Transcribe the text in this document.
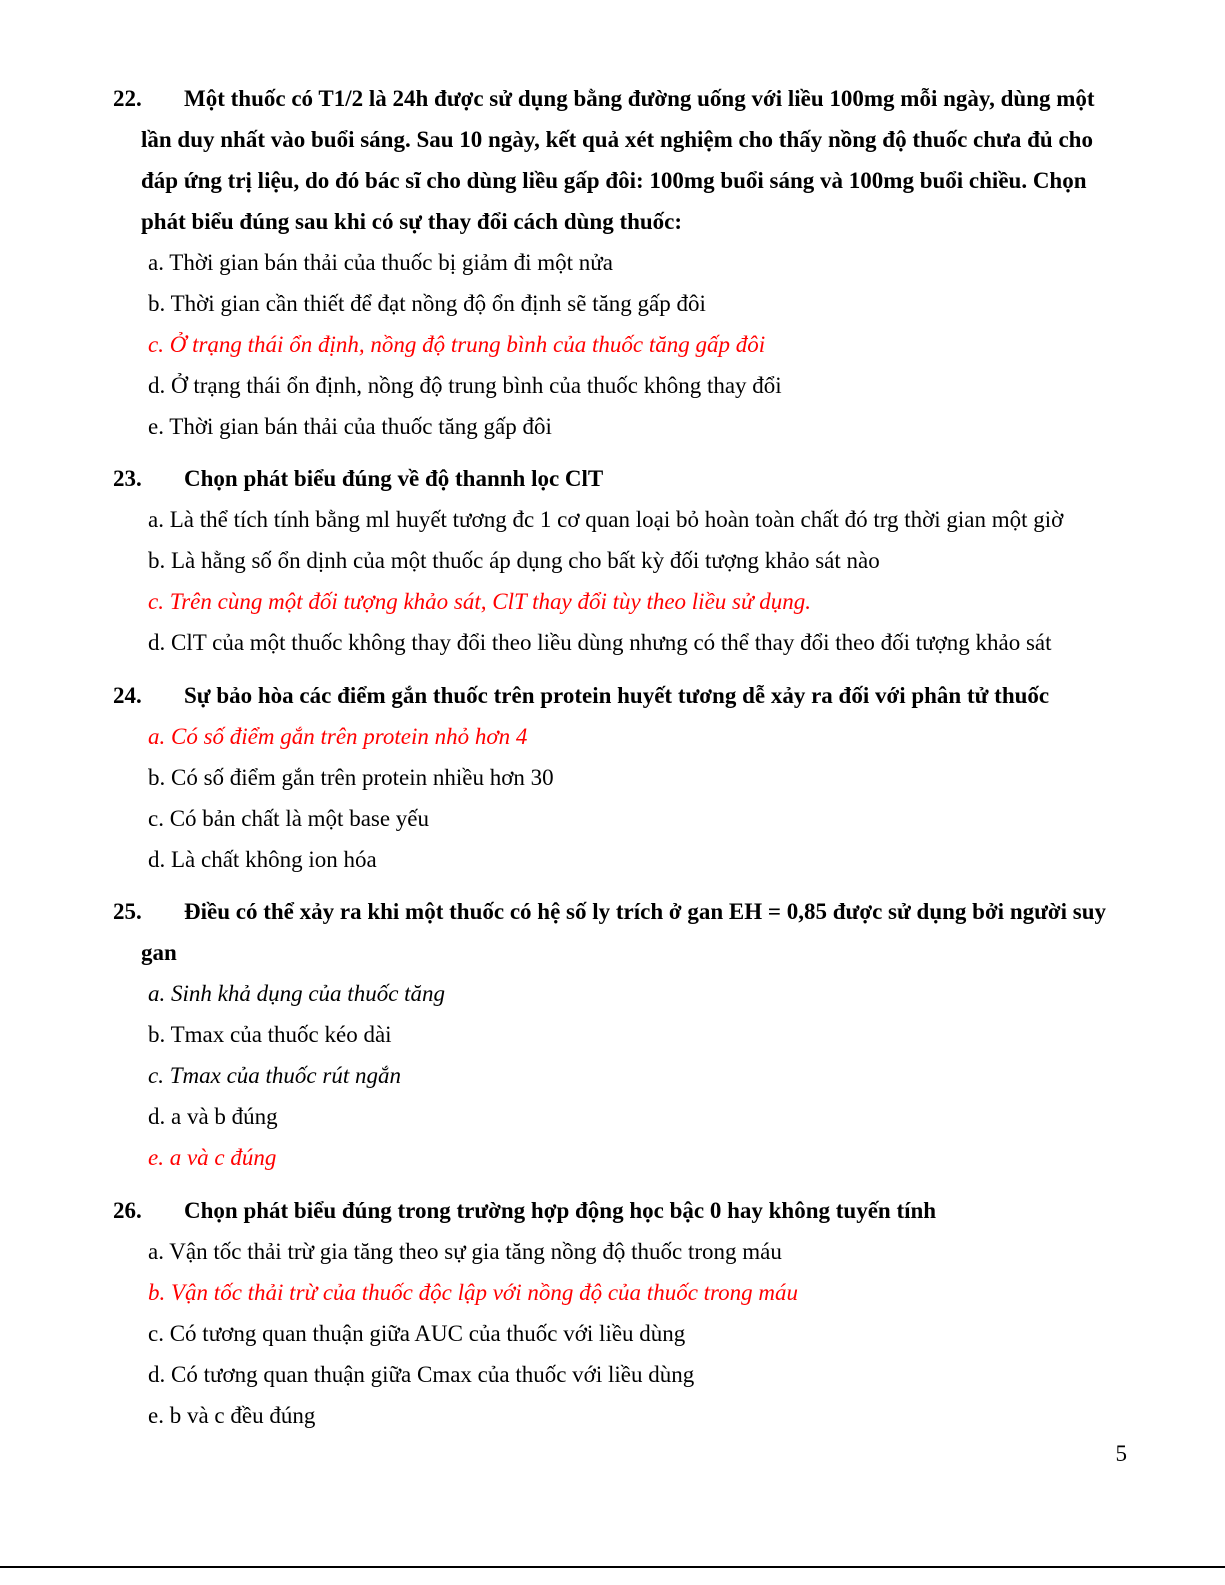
22.	Một thuốc có T1/2 là 24h được sử dụng bằng đường uống với liều 100mg mỗi ngày, dùng một lần duy nhất vào buổi sáng. Sau 10 ngày, kết quả xét nghiệm cho thấy nồng độ thuốc chưa đủ cho đáp ứng trị liệu, do đó bác sĩ cho dùng liều gấp đôi: 100mg buổi sáng và 100mg buổi chiều. Chọn phát biểu đúng sau khi có sự thay đổi cách dùng thuốc:
a. Thời gian bán thải của thuốc bị giảm đi một nửa
b. Thời gian cần thiết để đạt nồng độ ổn định sẽ tăng gấp đôi
c. Ở trạng thái ổn định, nồng độ trung bình của thuốc tăng gấp đôi
d. Ở trạng thái ổn định, nồng độ trung bình của thuốc không thay đổi
e. Thời gian bán thải của thuốc tăng gấp đôi
23.	Chọn phát biểu đúng về độ thannh lọc ClT
a. Là thể tích tính bằng ml huyết tương đc 1 cơ quan loại bỏ hoàn toàn chất đó trg thời gian một giờ
b. Là hằng số ổn dịnh của một thuốc áp dụng cho bất kỳ đối tượng khảo sát nào
c. Trên cùng một đối tượng khảo sát, ClT thay đổi tùy theo liều sử dụng.
d. ClT của một thuốc không thay đổi theo liều dùng nhưng có thể thay đổi theo đối tượng khảo sát
24.	Sự bảo hòa các điểm gắn thuốc trên protein huyết tương dễ xảy ra đối với phân tử thuốc
a. Có số điểm gắn trên protein nhỏ hơn 4
b. Có số điểm gắn trên protein nhiều hơn 30
c. Có bản chất là một base yếu
d. Là chất không ion hóa
25.	Điều có thể xảy ra khi một thuốc có hệ số ly trích ở gan EH = 0,85 được sử dụng bởi người suy gan
a. Sinh khả dụng của thuốc tăng
b. Tmax của thuốc kéo dài
c. Tmax của thuốc rút ngắn
d. a và b đúng
e. a và c đúng
26.	Chọn phát biểu đúng trong trường hợp động học bậc 0 hay không tuyến tính
a. Vận tốc thải trừ gia tăng theo sự gia tăng nồng độ thuốc trong máu
b. Vận tốc thải trừ của thuốc độc lập với nồng độ của thuốc trong máu
c. Có tương quan thuận giữa AUC của thuốc với liều dùng
d. Có tương quan thuận giữa Cmax của thuốc với liều dùng
e. b và c đều đúng
5
